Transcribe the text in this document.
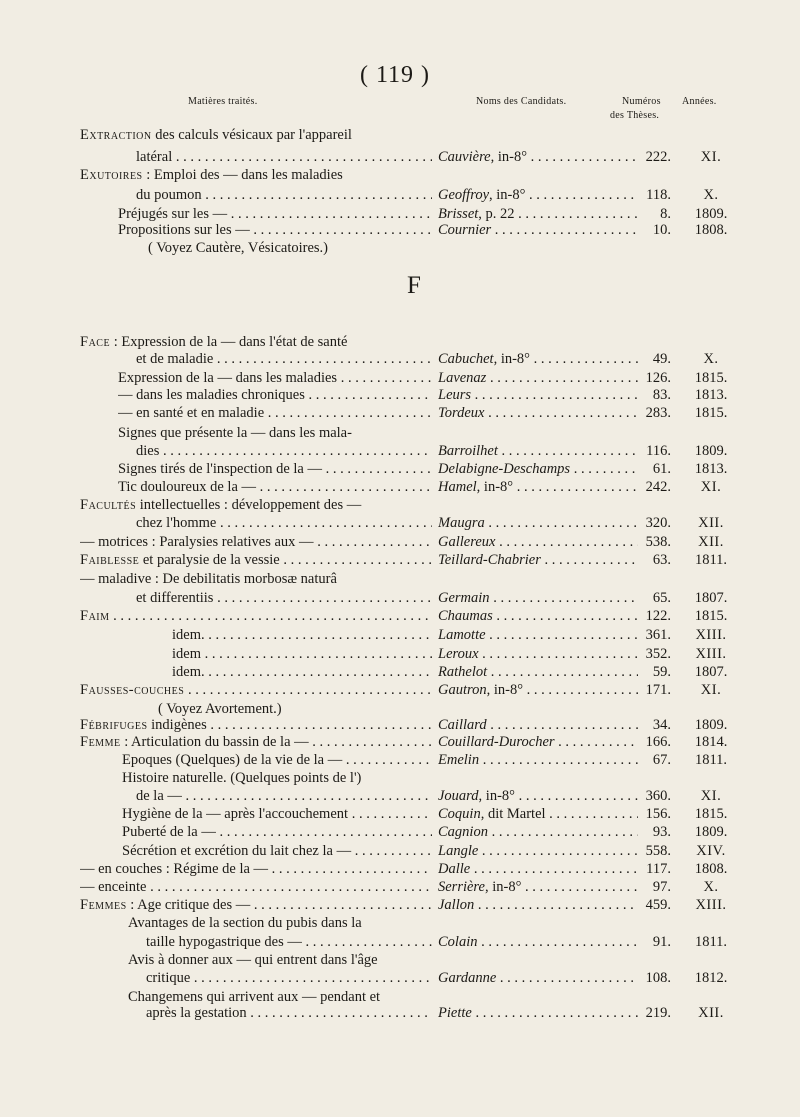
( 119 )
Matières traités.	Noms des Candidats.	Numéros Années.
des Thèses.
F
Extraction des calculs vésicaux par l'appareil
latéral . . .	Cauvière, in-8° . . .	222.	XI.
Exutoires : Emploi des — dans les maladies
du poumon . . .	Geoffroy, in-8° . . .	118.	X.
Préjugés sur les — . . .	Brisset, p. 22 . . .	8.	1809.
Propositions sur les — . . .	Cournier . . .	10.	1808.
( Voyez Cautère, Vésicatoires.)
Face : Expression de la — dans l'état de santé
et de maladie . . .	Cabuchet, in-8° . . .	49.	X.
Expression de la — dans les maladies . . .	Lavenaz . . .	126.	1815.
— dans les maladies chroniques . . .	Leurs . . .	83.	1813.
— en santé et en maladie . . .	Tordeux . . .	283.	1815.
Signes que présente la — dans les mala-
dies . . .	Barroilhet . . .	116.	1809.
Signes tirés de l'inspection de la — . . .	Delabigne-Deschamps . . .	61.	1813.
Tic douloureux de la — . . .	Hamel, in-8° . . .	242.	XI.
Facultés intellectuelles : développement des —
chez l'homme . . .	Maugra . . .	320.	XII.
— motrices : Paralysies relatives aux — . . .	Gallereux . . .	538.	XII.
Faiblesse et paralysie de la vessie . . .	Teillard-Chabrier . . .	63.	1811.
— maladive : De debilitatis morbosæ naturâ
et differentiis . . .	Germain . . .	65.	1807.
Faim . . .	Chaumas . . .	122.	1815.
idem. . . .	Lamotte . . .	361.	XIII.
idem . . .	Leroux . . .	352.	XIII.
idem. . . .	Rathelot . . .	59.	1807.
Fausses-couches . . .	Gautron, in-8° . . .	171.	XI.
( Voyez Avortement.)
Fébrifuges indigènes . . .	Caillard . . .	34.	1809.
Femme : Articulation du bassin de la — . . .	Couillard-Durocher . . .	166.	1814.
Epoques (Quelques) de la vie de la — . . .	Emelin . . .	67.	1811.
Histoire naturelle. (Quelques points de l')
de la — . . .	Jouard, in-8° . . .	360.	XI.
Hygiène de la — après l'accouchement . . .	Coquin, dit Martel . . .	156.	1815.
Puberté de la — . . .	Cagnion . . .	93.	1809.
Sécrétion et excrétion du lait chez la — . . .	Langle . . .	558.	XIV.
— en couches : Régime de la — . . .	Dalle . . .	117.	1808.
— enceinte . . .	Serrière, in-8° . . .	97.	X.
Femmes : Age critique des — . . .	Jallon . . .	459.	XIII.
Avantages de la section du pubis dans la
taille hypogastrique des — . . .	Colain . . .	91.	1811.
Avis à donner aux — qui entrent dans l'âge
critique . . .	Gardanne . . .	108.	1812.
Changemens qui arrivent aux — pendant et
après la gestation . . .	Piette . . .	219.	XII.
